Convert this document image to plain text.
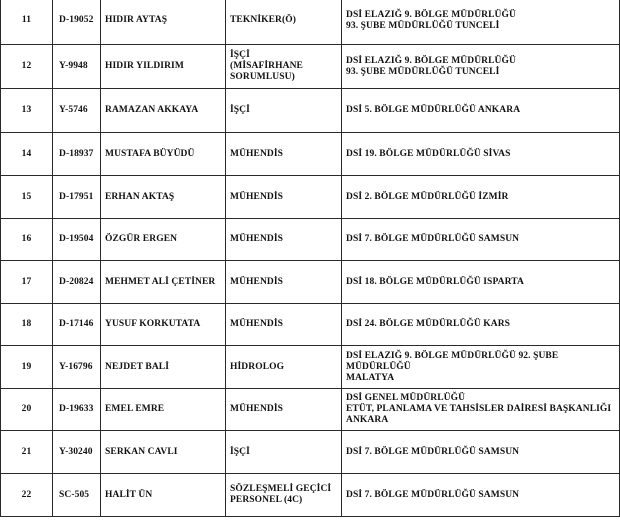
11	D-19052	HIDIR AYTAŞ	TEKNİKER(Ö)	DSİ ELAZIĞ 9. BÖLGE MÜDÜRLÜĞÜ
93. ŞUBE MÜDÜRLÜĞÜ TUNCELİ

12	Y-9948	HIDIR YILDIRIM	İŞÇİ
(MİSAFİRHANE
SORUMLUSU)	DSİ ELAZIĞ 9. BÖLGE MÜDÜRLÜĞÜ
93. ŞUBE MÜDÜRLÜĞÜ TUNCELİ

13	Y-5746	RAMAZAN AKKAYA	İŞÇİ	DSİ 5. BÖLGE MÜDÜRLÜĞÜ ANKARA

14	D-18937	MUSTAFA BÜYÜDÜ	MÜHENDİS	DSİ 19. BÖLGE MÜDÜRLÜĞÜ SİVAS

15	D-17951	ERHAN AKTAŞ	MÜHENDİS	DSİ 2. BÖLGE MÜDÜRLÜĞÜ İZMİR

16	D-19504	ÖZGÜR ERGEN	MÜHENDİS	DSİ 7. BÖLGE MÜDÜRLÜĞÜ SAMSUN

17	D-20824	MEHMET ALİ ÇETİNER	MÜHENDİS	DSİ 18. BÖLGE MÜDÜRLÜĞÜ ISPARTA

18	D-17146	YUSUF KORKUTATA	MÜHENDİS	DSİ 24. BÖLGE MÜDÜRLÜĞÜ KARS

19	Y-16796	NEJDET BALİ	HİDROLOG	DSİ ELAZIĞ 9. BÖLGE MÜDÜRLÜĞÜ 92. ŞUBE MÜDÜRLÜĞÜ
MALATYA

20	D-19633	EMEL EMRE	MÜHENDİS	DSİ GENEL MÜDÜRLÜĞÜ
ETÜT, PLANLAMA VE TAHSİSLER DAİRESİ BAŞKANLIĞI
ANKARA

21	Y-30240	SERKAN CAVLI	İŞÇİ	DSİ 7. BÖLGE MÜDÜRLÜĞÜ SAMSUN

22	SC-505	HALİT ÜN	SÖZLEŞMELİ GEÇİCİ
PERSONEL (4C)	DSİ 7. BÖLGE MÜDÜRLÜĞÜ SAMSUN
